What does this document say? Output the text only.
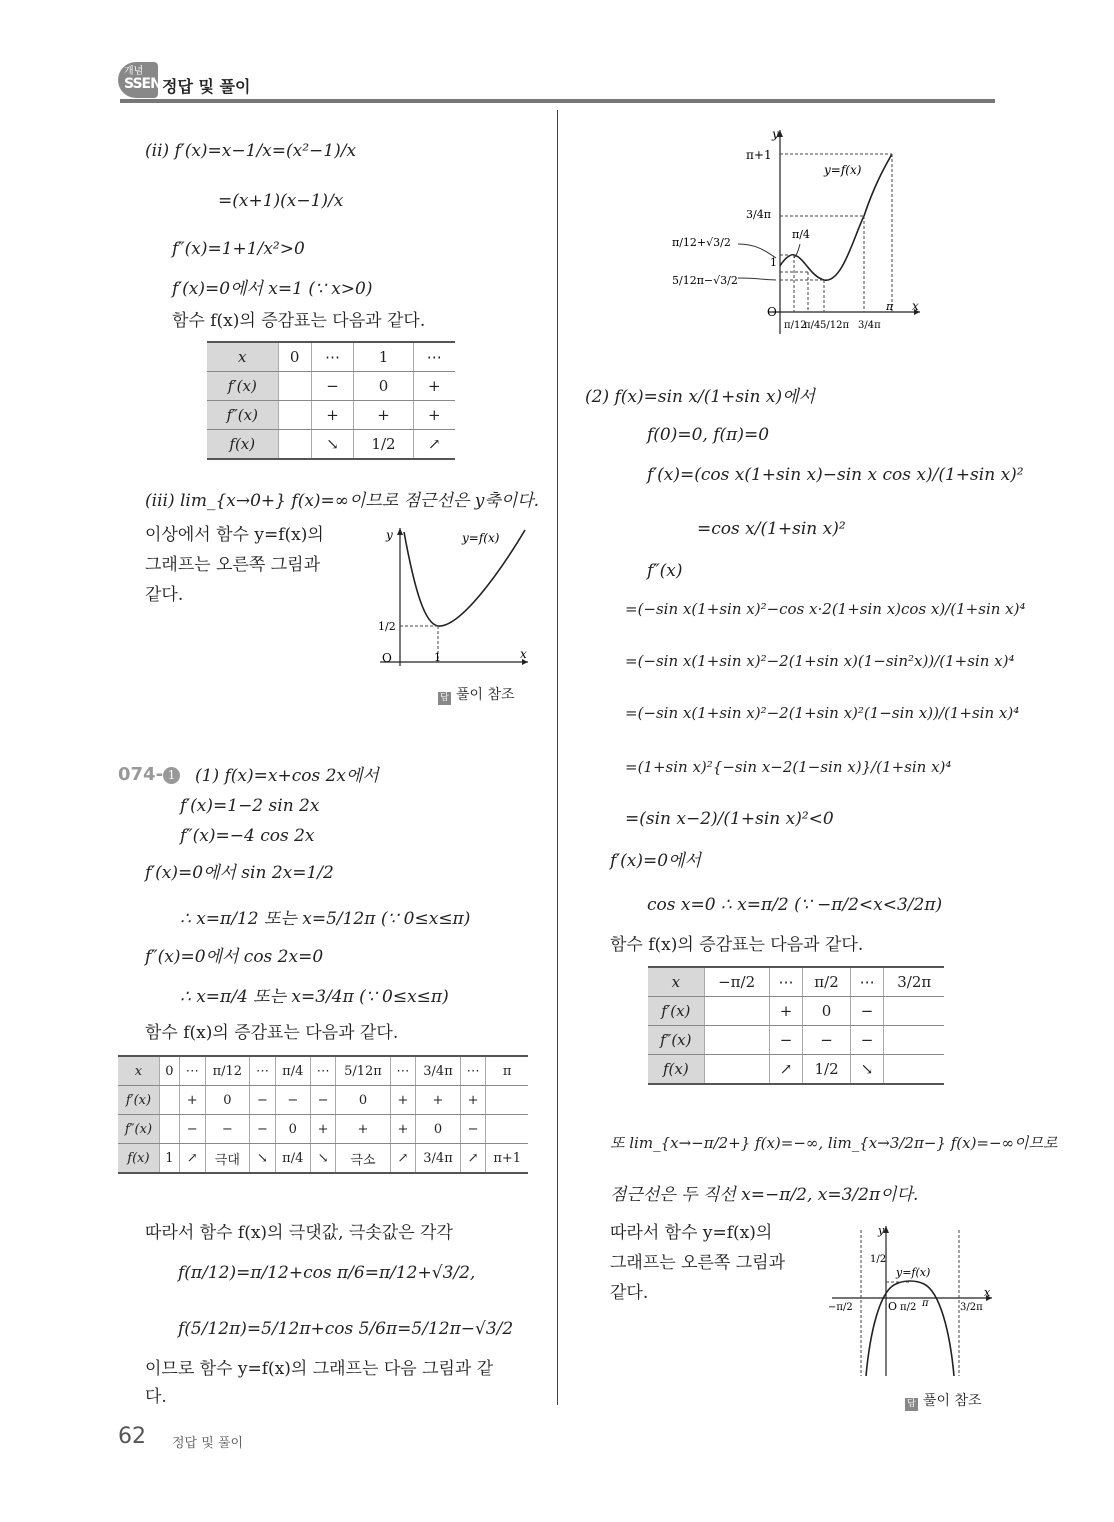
개념
SSEN 정답 및 풀이
(ii) f′(x)=x−1/x=(x²−1)/x
=(x+1)(x−1)/x
f″(x)=1+1/x²>0
f′(x)=0에서 x=1 (∵ x>0)
함수 f(x)의 증감표는 다음과 같다.
x	0	⋯	1	⋯
f′(x)		−	0	+
f″(x)		+	+	+
f(x)		↘	1/2	↗
(iii) lim_{x→0+} f(x)=∞이므로 점근선은 y축이다.
이상에서 함수 y=f(x)의
그래프는 오른쪽 그림과
같다.
y
x
y=f(x)
O	1
1/2
답 풀이 참조
074- 1 (1) f(x)=x+cos 2x에서
f′(x)=1−2 sin 2x
f″(x)=−4 cos 2x
f′(x)=0에서 sin 2x=1/2
∴ x=π/12 또는 x=5/12π (∵ 0≤x≤π)
f″(x)=0에서 cos 2x=0
∴ x=π/4 또는 x=3/4π (∵ 0≤x≤π)
함수 f(x)의 증감표는 다음과 같다.
x	0	⋯	π/12	⋯	π/4	⋯	5/12π	⋯	3/4π	⋯	π
f′(x)		+	0	−	−	−	0	+	+	+	
f″(x)		−	−	−	0	+	+	+	0	−	
f(x)	1	↗	극대	↘	π/4	↘	극소	↗	3/4π	↗	π+1
따라서 함수 f(x)의 극댓값, 극솟값은 각각
f(π/12)=π/12+cos π/6=π/12+√3/2,
f(5/12π)=5/12π+cos 5/6π=5/12π−√3/2
이므로 함수 y=f(x)의 그래프는 다음 그림과 같
다.
y
x
y=f(x)
O
π+1
3/4π
π/12+√3/2
5/12π−√3/2
π/4
1
π/12
π/4 5/12π 3/4π
π
(2) f(x)=sin x/(1+sin x)에서
f(0)=0, f(π)=0
f′(x)=(cos x(1+sin x)−sin x cos x)/(1+sin x)²
=cos x/(1+sin x)²
f″(x)
=(−sin x(1+sin x)²−cos x·2(1+sin x)cos x)/(1+sin x)⁴
=(−sin x(1+sin x)²−2(1+sin x)(1−sin²x))/(1+sin x)⁴
=(−sin x(1+sin x)²−2(1+sin x)²(1−sin x))/(1+sin x)⁴
=(1+sin x)²{−sin x−2(1−sin x)}/(1+sin x)⁴
=(sin x−2)/(1+sin x)²<0
f′(x)=0에서
cos x=0 ∴ x=π/2 (∵ −π/2<x<3/2π)
함수 f(x)의 증감표는 다음과 같다.
x	−π/2	⋯	π/2	⋯	3/2π
f′(x)		+	0	−	
f″(x)		−	−	−	
f(x)		↗	1/2	↘	
또 lim_{x→−π/2+} f(x)=−∞, lim_{x→3/2π−} f(x)=−∞이므로
점근선은 두 직선 x=−π/2, x=3/2π이다.
따라서 함수 y=f(x)의
그래프는 오른쪽 그림과
같다.
y
x
y=f(x)
O
1/2
−π/2	π/2 π	3/2π
답 풀이 참조
62 정답 및 풀이
